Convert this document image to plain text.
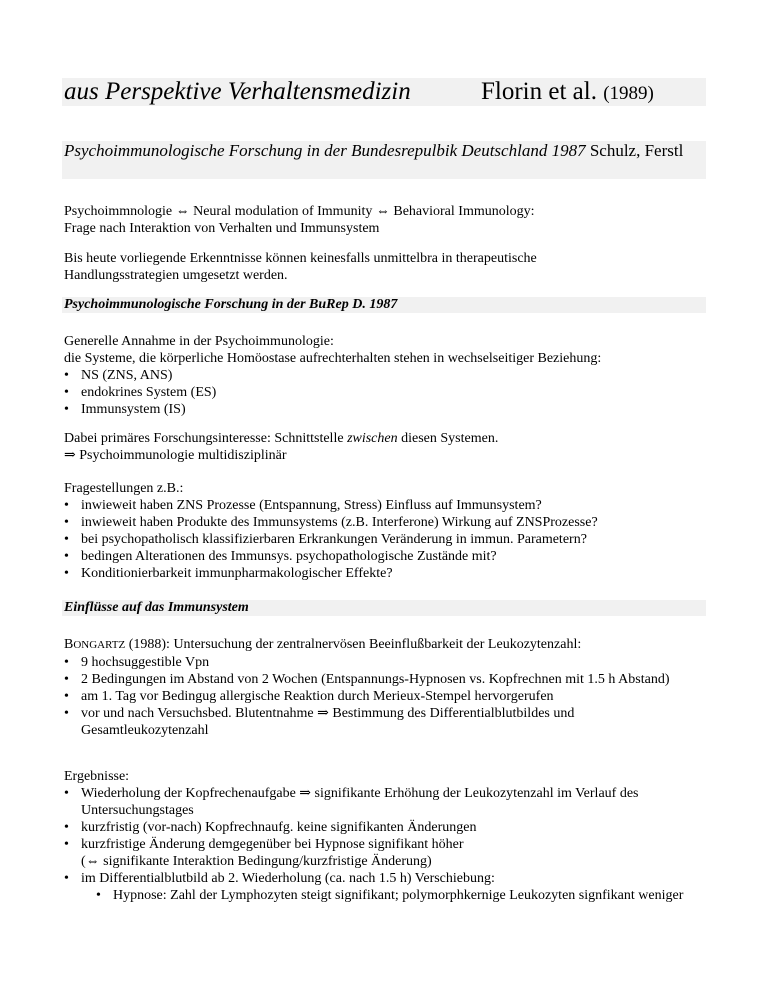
aus Perspektive Verhaltensmedizin	Florin et al. (1989)
Psychoimmunologische Forschung in der Bundesrepulbik Deutschland 1987 Schulz, Ferstl

Psychoimmnologie ⇔ Neural modulation of Immunity ⇔ Behavioral Immunology:

Frage nach Interaktion von Verhalten und Immunsystem

Bis heute vorliegende Erkenntnisse können keinesfalls unmittelbra in therapeutische

Handlungsstrategien umgesetzt werden.

Psychoimmunologische Forschung in der BuRep D. 1987

Generelle Annahme in der Psychoimmunologie:

die Systeme, die körperliche Homöostase aufrechterhalten stehen in wechselseitiger Beziehung:

• NS (ZNS, ANS)
• endokrines System (ES)
• Immunsystem (IS)

Dabei primäres Forschungsinteresse: Schnittstelle zwischen diesen Systemen.

⇒ Psychoimmunologie multidisziplinär

Fragestellungen z.B.:

• inwieweit haben ZNS Prozesse (Entspannung, Stress) Einfluss auf Immunsystem?
• inwieweit haben Produkte des Immunsystems (z.B. Interferone) Wirkung auf ZNSProzesse?
• bei psychopatholisch klassifizierbaren Erkrankungen Veränderung in immun. Parametern?
• bedingen Alterationen des Immunsys. psychopathologische Zustände mit?
• Konditionierbarkeit immunpharmakologischer Effekte?
Einflüsse auf das Immunsystem

BONGARTZ (1988): Untersuchung der zentralnervösen Beeinflußbarkeit der Leukozytenzahl:

• 9 hochsuggestible Vpn
• 2 Bedingungen im Abstand von 2 Wochen (Entspannungs-Hypnosen vs. Kopfrechnen mit 1.5 h Abstand)
• am 1. Tag vor Bedingug allergische Reaktion durch Merieux-Stempel hervorgerufen
• vor und nach Versuchsbed. Blutentnahme ⇒ Bestimmung des Differentialblutbildes und Gesamtleukozytenzahl

Ergebnisse:

• Wiederholung der Kopfrechenaufgabe ⇒ signifikante Erhöhung der Leukozytenzahl im Verlauf des Untersuchungstages
• kurzfristig (vor-nach) Kopfrechnaufg. keine signifikanten Änderungen
• kurzfristige Änderung demgegenüber bei Hypnose signifikant höher
(⇔ signifikante Interaktion Bedingung/kurzfristige Änderung)
• im Differentialblutbild ab 2. Wiederholung (ca. nach 1.5 h) Verschiebung:
• Hypnose: Zahl der Lymphozyten steigt signifikant; polymorphkernige Leukozyten signfikant weniger
